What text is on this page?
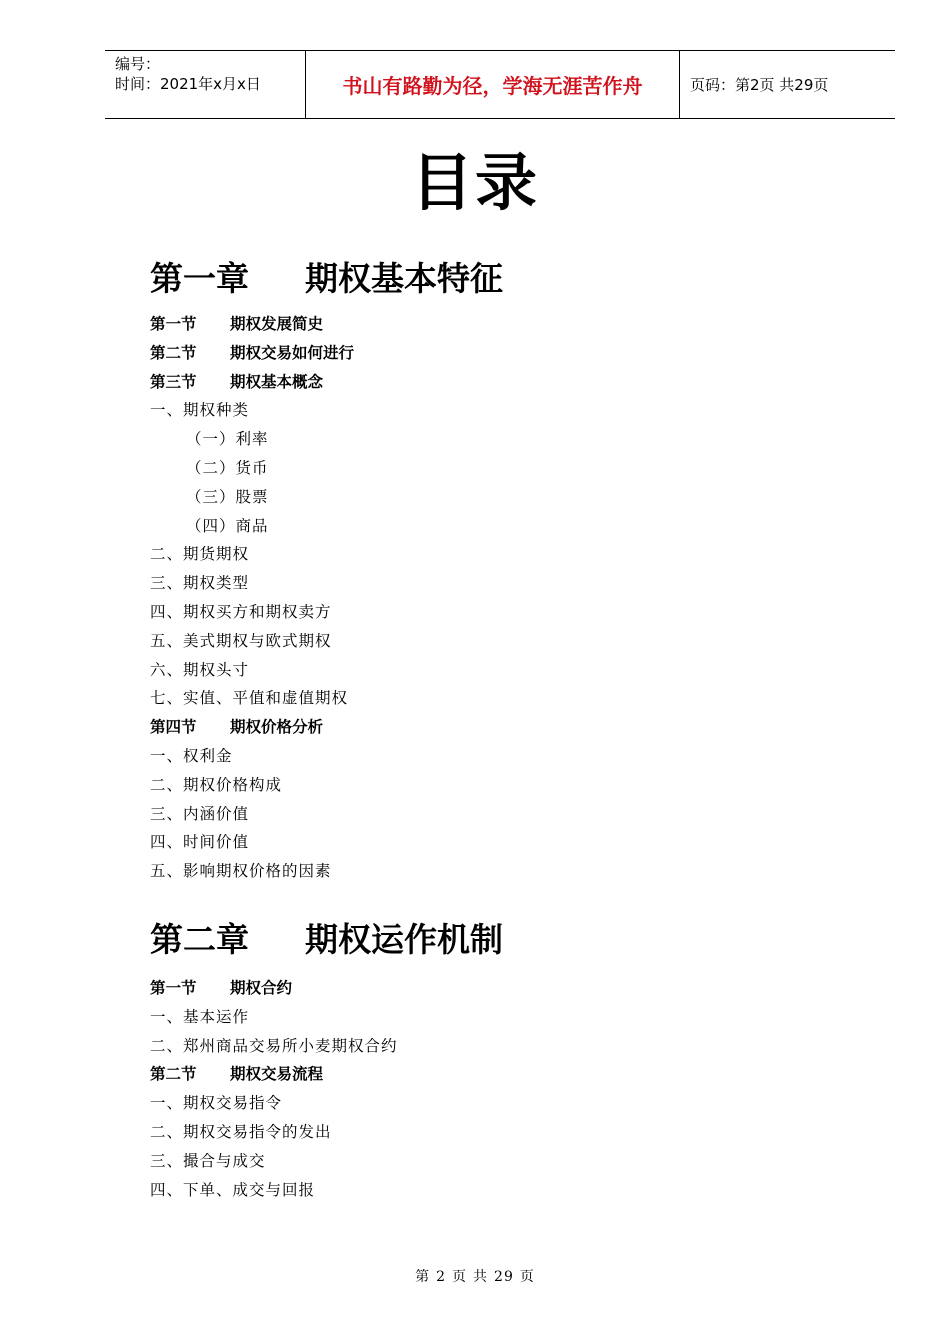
编号：
时间：2021年x月x日	书山有路勤为径，学海无涯苦作舟	页码：第2页 共29页
目录
第一章 期权基本特征
第一节 期权发展简史
第二节 期权交易如何进行
第三节 期权基本概念
一、期权种类
（一）利率
（二）货币
（三）股票
（四）商品
二、期货期权
三、期权类型
四、期权买方和期权卖方
五、美式期权与欧式期权
六、期权头寸
七、实值、平值和虚值期权
第四节 期权价格分析
一、权利金
二、期权价格构成
三、内涵价值
四、时间价值
五、影响期权价格的因素
第二章 期权运作机制
第一节 期权合约
一、基本运作
二、郑州商品交易所小麦期权合约
第二节 期权交易流程
一、期权交易指令
二、期权交易指令的发出
三、撮合与成交
四、下单、成交与回报
第 2 页 共 29 页
